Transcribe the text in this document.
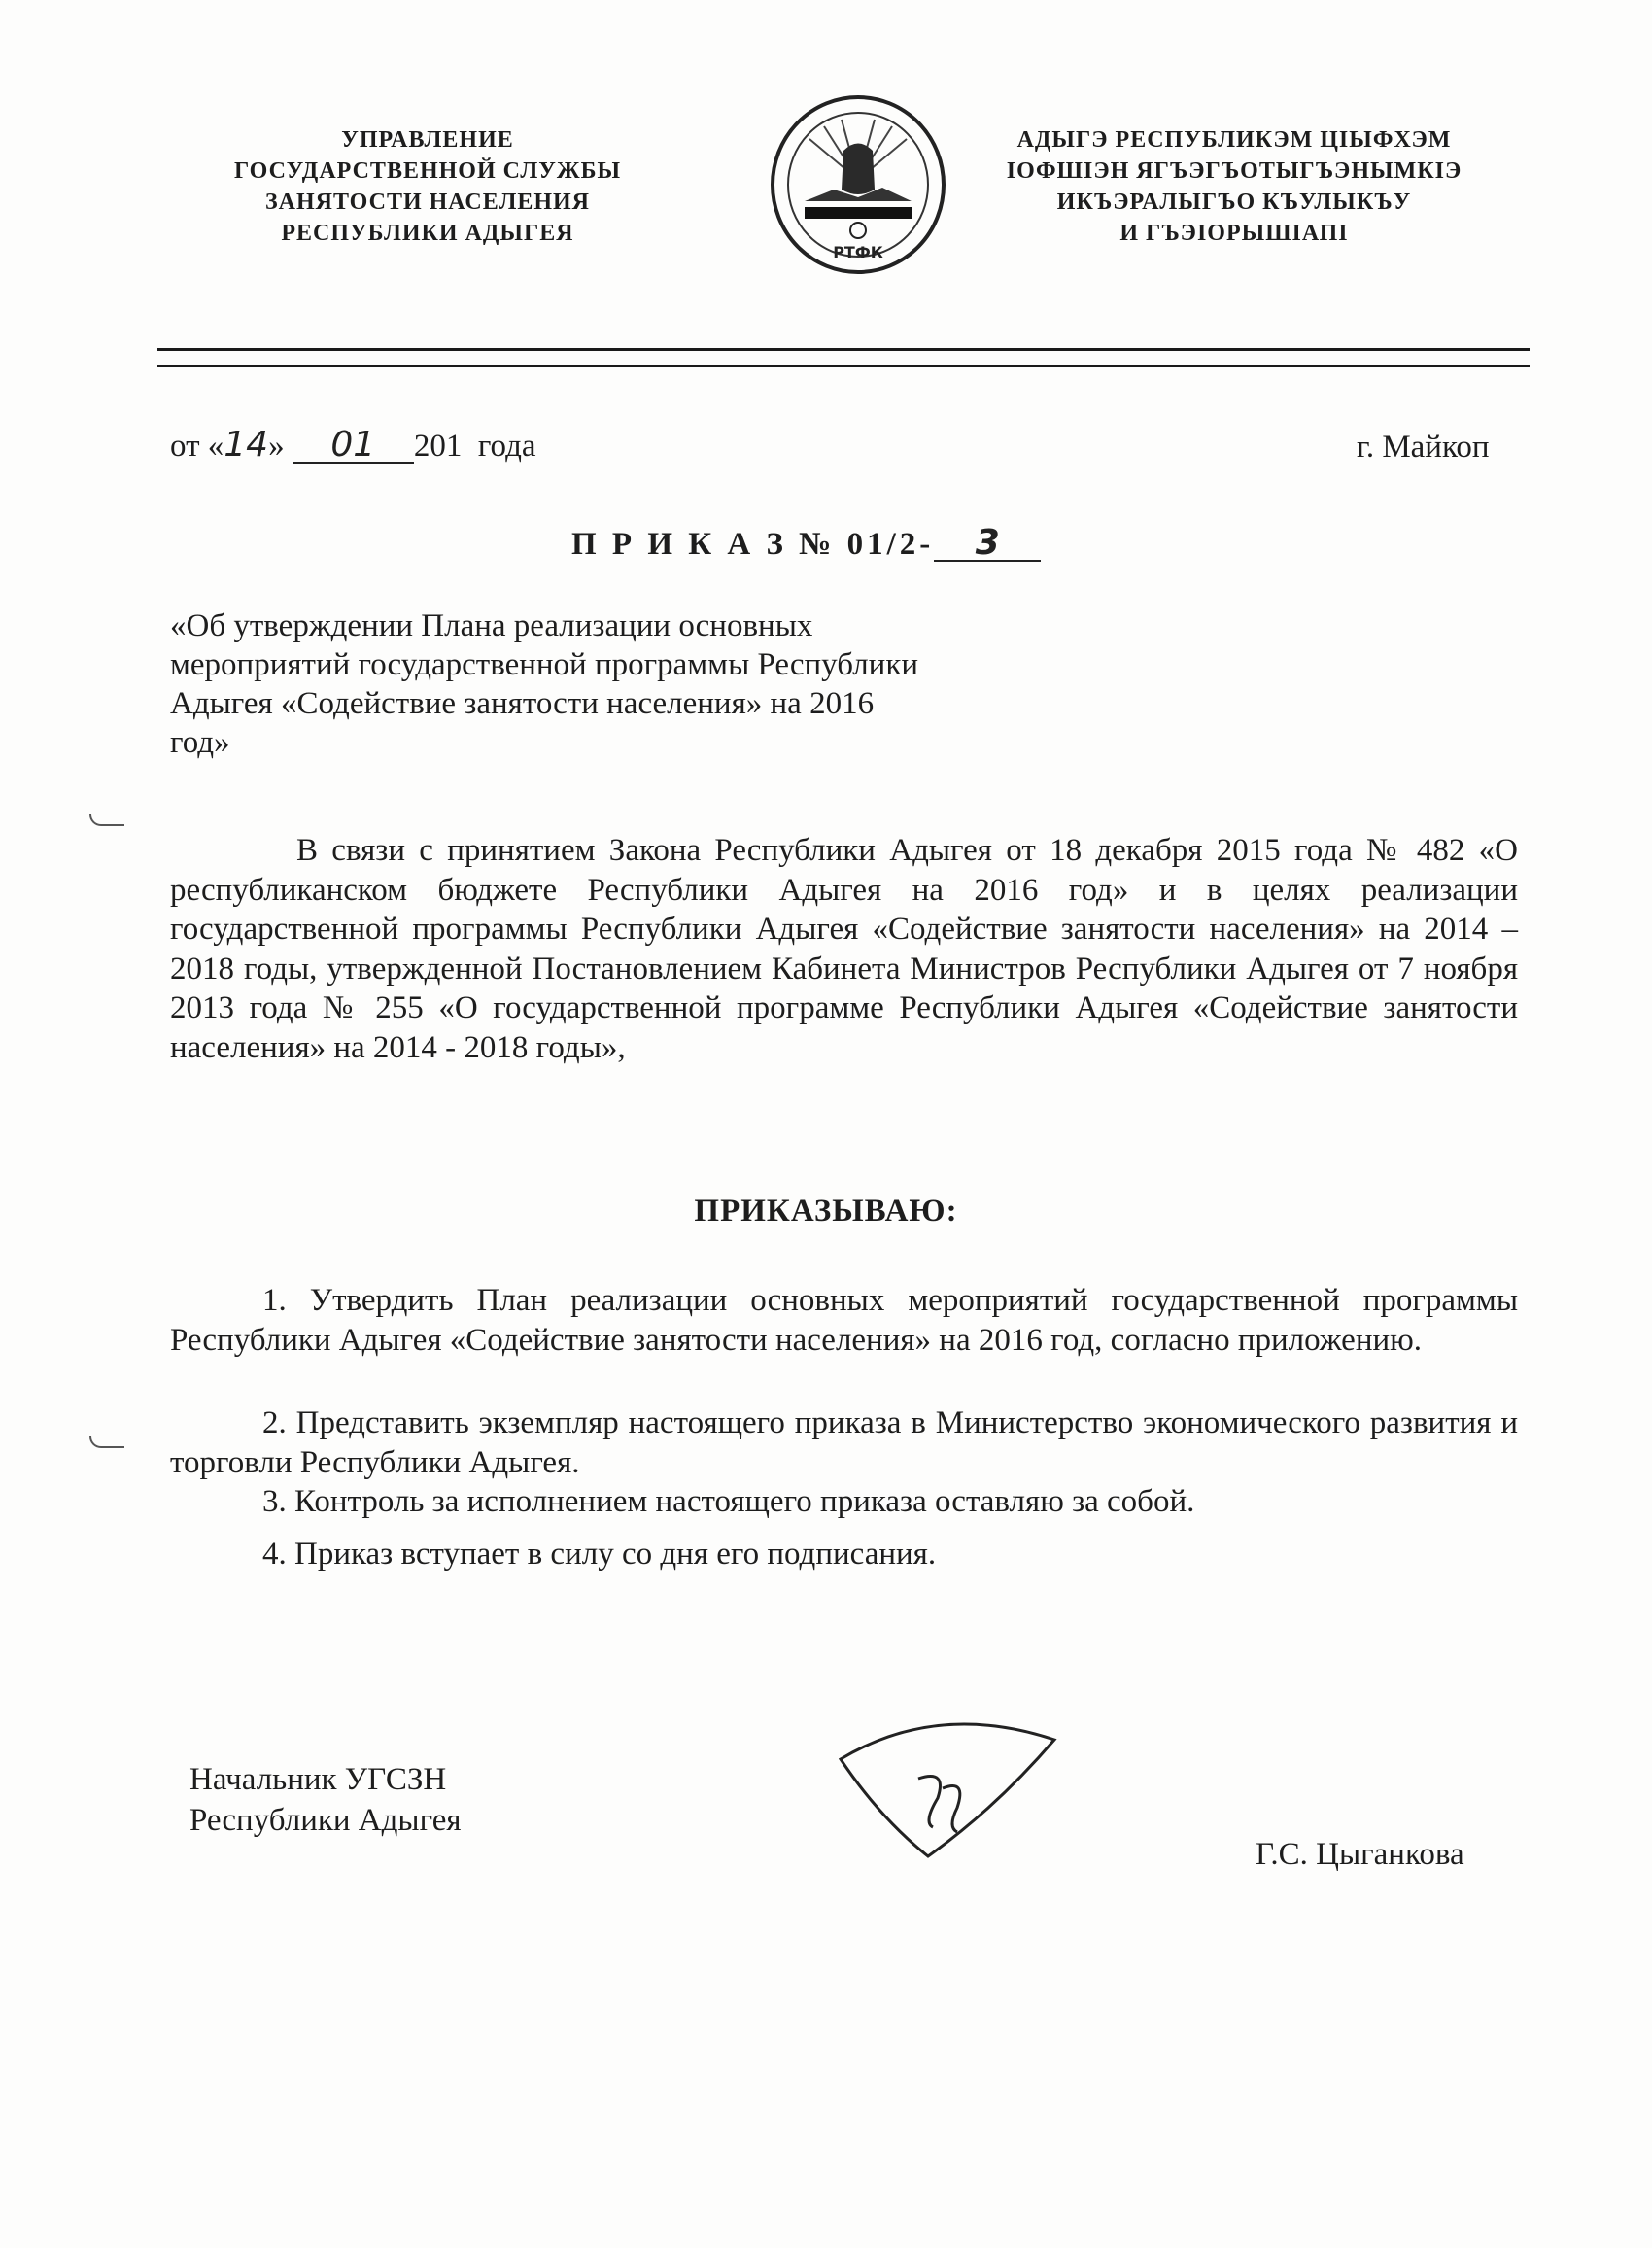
УПРАВЛЕНИЕ
ГОСУДАРСТВЕННОЙ СЛУЖБЫ
ЗАНЯТОСТИ НАСЕЛЕНИЯ
РЕСПУБЛИКИ АДЫГЕЯ
РТФК
АДЫГЭ РЕСПУБЛИКЭМ ЦIЫФХЭМ
IОФШIЭН ЯГЪЭГЪОТЫГЪЭНЫМКIЭ
ИКЪЭРАЛЫГЪО КЪУЛЫКЪУ
И ГЪЭIОРЫШIАПI
от «14» 01 201 года	г. Майкоп
П Р И К А З № 01/2- 3
«Об утверждении Плана реализации основных мероприятий государственной программы Республики Адыгея «Содействие занятости населения» на 2016 год»
В связи с принятием Закона Республики Адыгея от 18 декабря 2015 года № 482 «О республиканском бюджете Республики Адыгея на 2016 год» и в целях реализации государственной программы Республики Адыгея «Содействие занятости населения» на 2014 – 2018 годы, утвержденной Постановлением Кабинета Министров Республики Адыгея от 7 ноября 2013 года № 255 «О государственной программе Республики Адыгея «Содействие занятости населения» на 2014 - 2018 годы»,
ПРИКАЗЫВАЮ:
1. Утвердить План реализации основных мероприятий государственной программы Республики Адыгея «Содействие занятости населения» на 2016 год, согласно приложению.
2. Представить экземпляр настоящего приказа в Министерство экономического развития и торговли Республики Адыгея.
3. Контроль за исполнением настоящего приказа оставляю за собой.
4. Приказ вступает в силу со дня его подписания.
Начальник УГСЗН
Республики Адыгея
Г.С. Цыганкова
